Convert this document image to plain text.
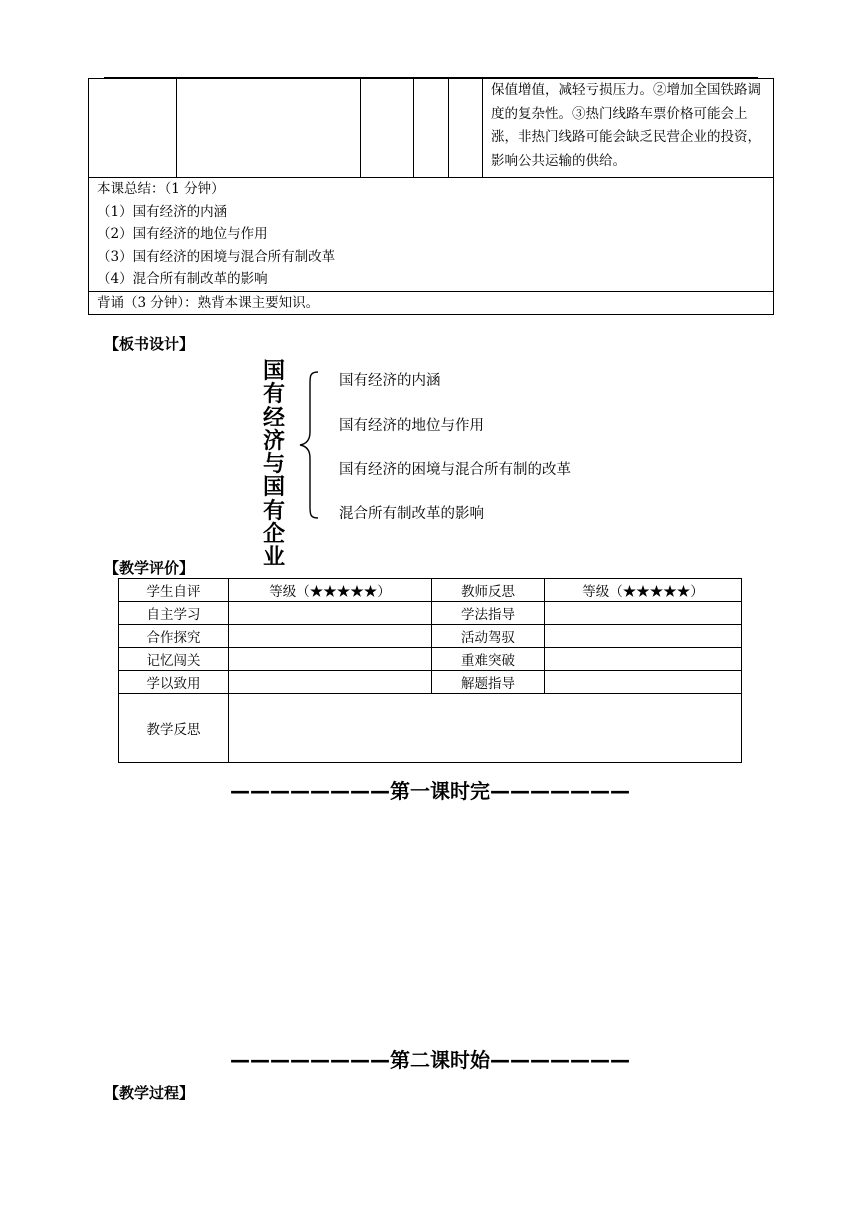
					保值增值，减轻亏损压力。②增加全国铁路调度的复杂性。③热门线路车票价格可能会上涨，非热门线路可能会缺乏民营企业的投资，影响公共运输的供给。

本课总结：（1 分钟）
（1）国有经济的内涵
（2）国有经济的地位与作用
（3）国有经济的困境与混合所有制改革
（4）混合所有制改革的影响

背诵（3 分钟）：熟背本课主要知识。
【板书设计】
国
有
经
济
与
国
有
企
业
国有经济的内涵
国有经济的地位与作用
国有经济的困境与混合所有制的改革
混合所有制改革的影响
【教学评价】
学生自评	等级（★★★★★）	教师反思	等级（★★★★★）
自主学习		学法指导	
合作探究		活动驾驭	
记忆闯关		重难突破	
学以致用		解题指导	
教学反思			
————————第一课时完———————
————————第二课时始———————
【教学过程】
